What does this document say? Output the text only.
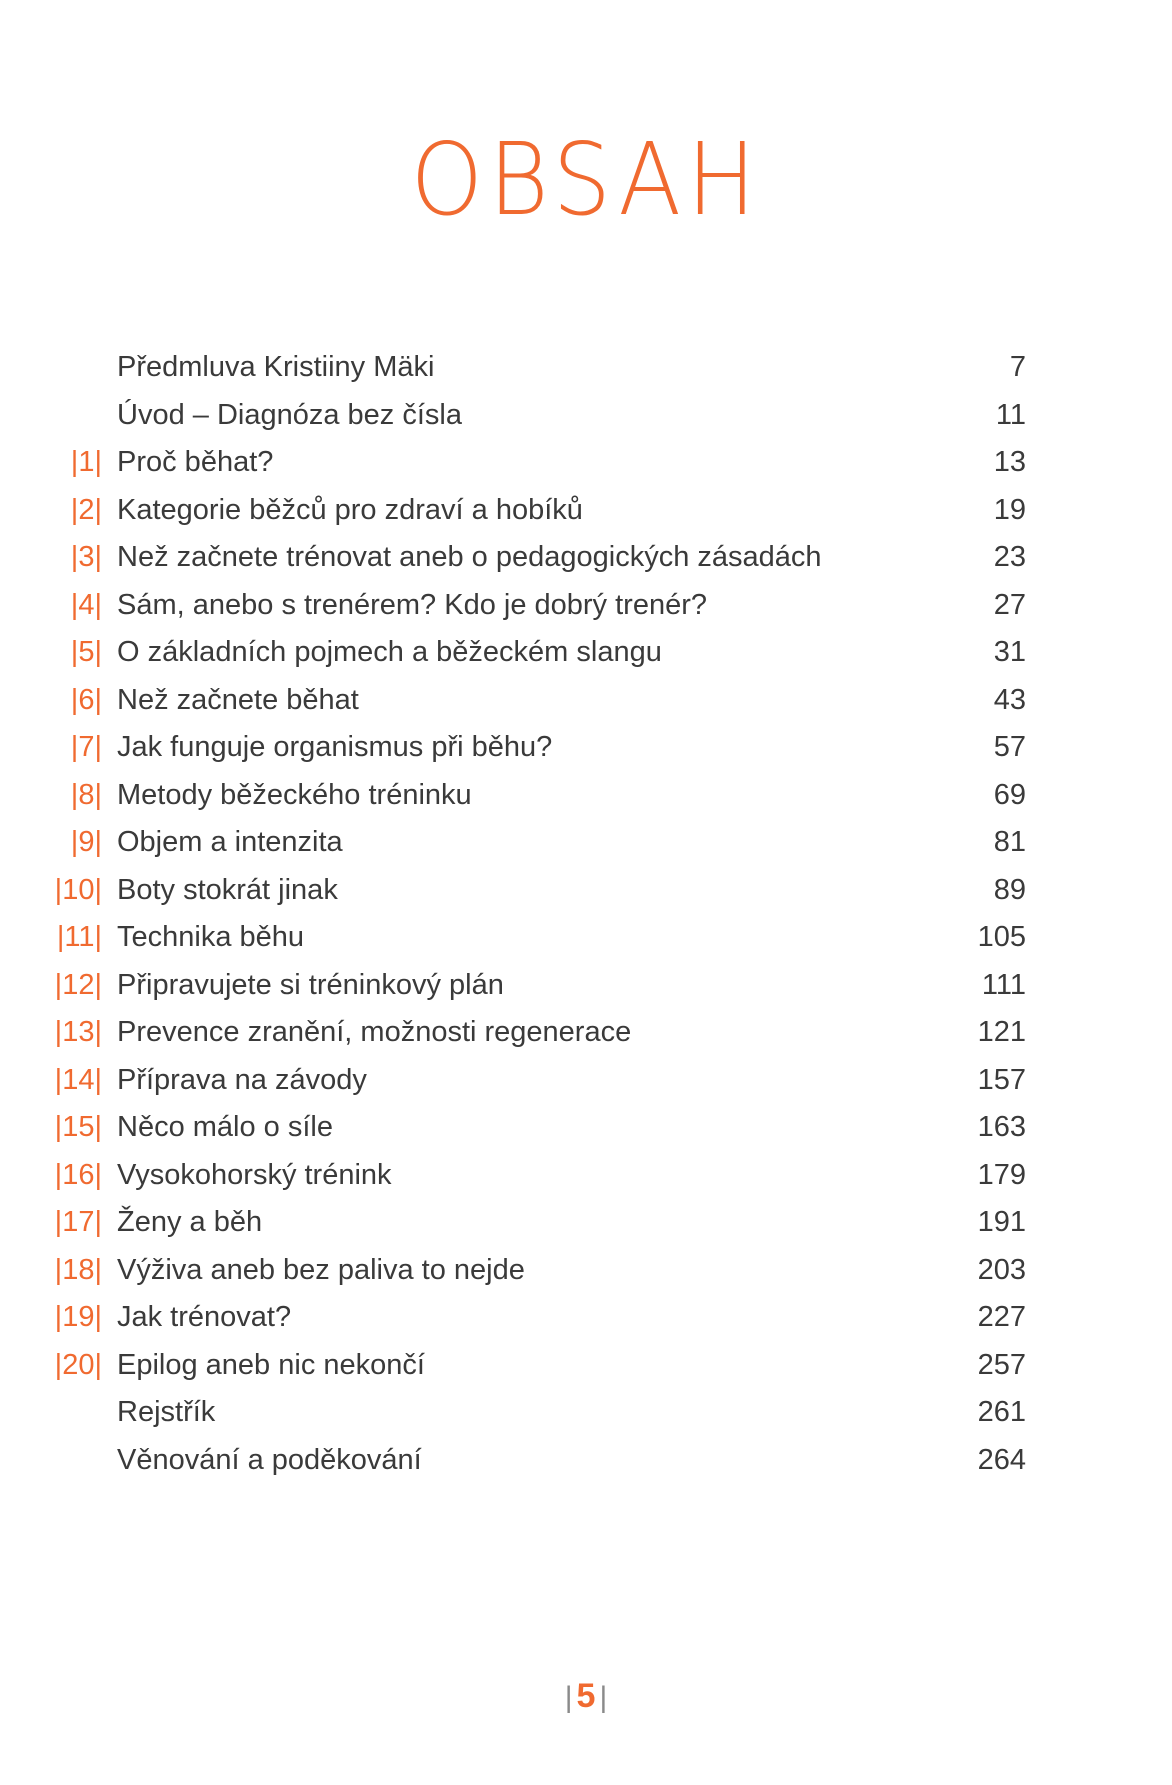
OBSAH
Předmluva Kristiiny Mäki	7
Úvod – Diagnóza bez čísla	11
|1| Proč běhat?	13
|2| Kategorie běžců pro zdraví a hobíků	19
|3| Než začnete trénovat aneb o pedagogických zásadách	23
|4| Sám, anebo s trenérem? Kdo je dobrý trenér?	27
|5| O základních pojmech a běžeckém slangu	31
|6| Než začnete běhat	43
|7| Jak funguje organismus při běhu?	57
|8| Metody běžeckého tréninku	69
|9| Objem a intenzita	81
|10| Boty stokrát jinak	89
|11| Technika běhu	105
|12| Připravujete si tréninkový plán	111
|13| Prevence zranění, možnosti regenerace	121
|14| Příprava na závody	157
|15| Něco málo o síle	163
|16| Vysokohorský trénink	179
|17| Ženy a běh	191
|18| Výživa aneb bez paliva to nejde	203
|19| Jak trénovat?	227
|20| Epilog aneb nic nekončí	257
Rejstřík	261
Věnování a poděkování	264
| 5 |
